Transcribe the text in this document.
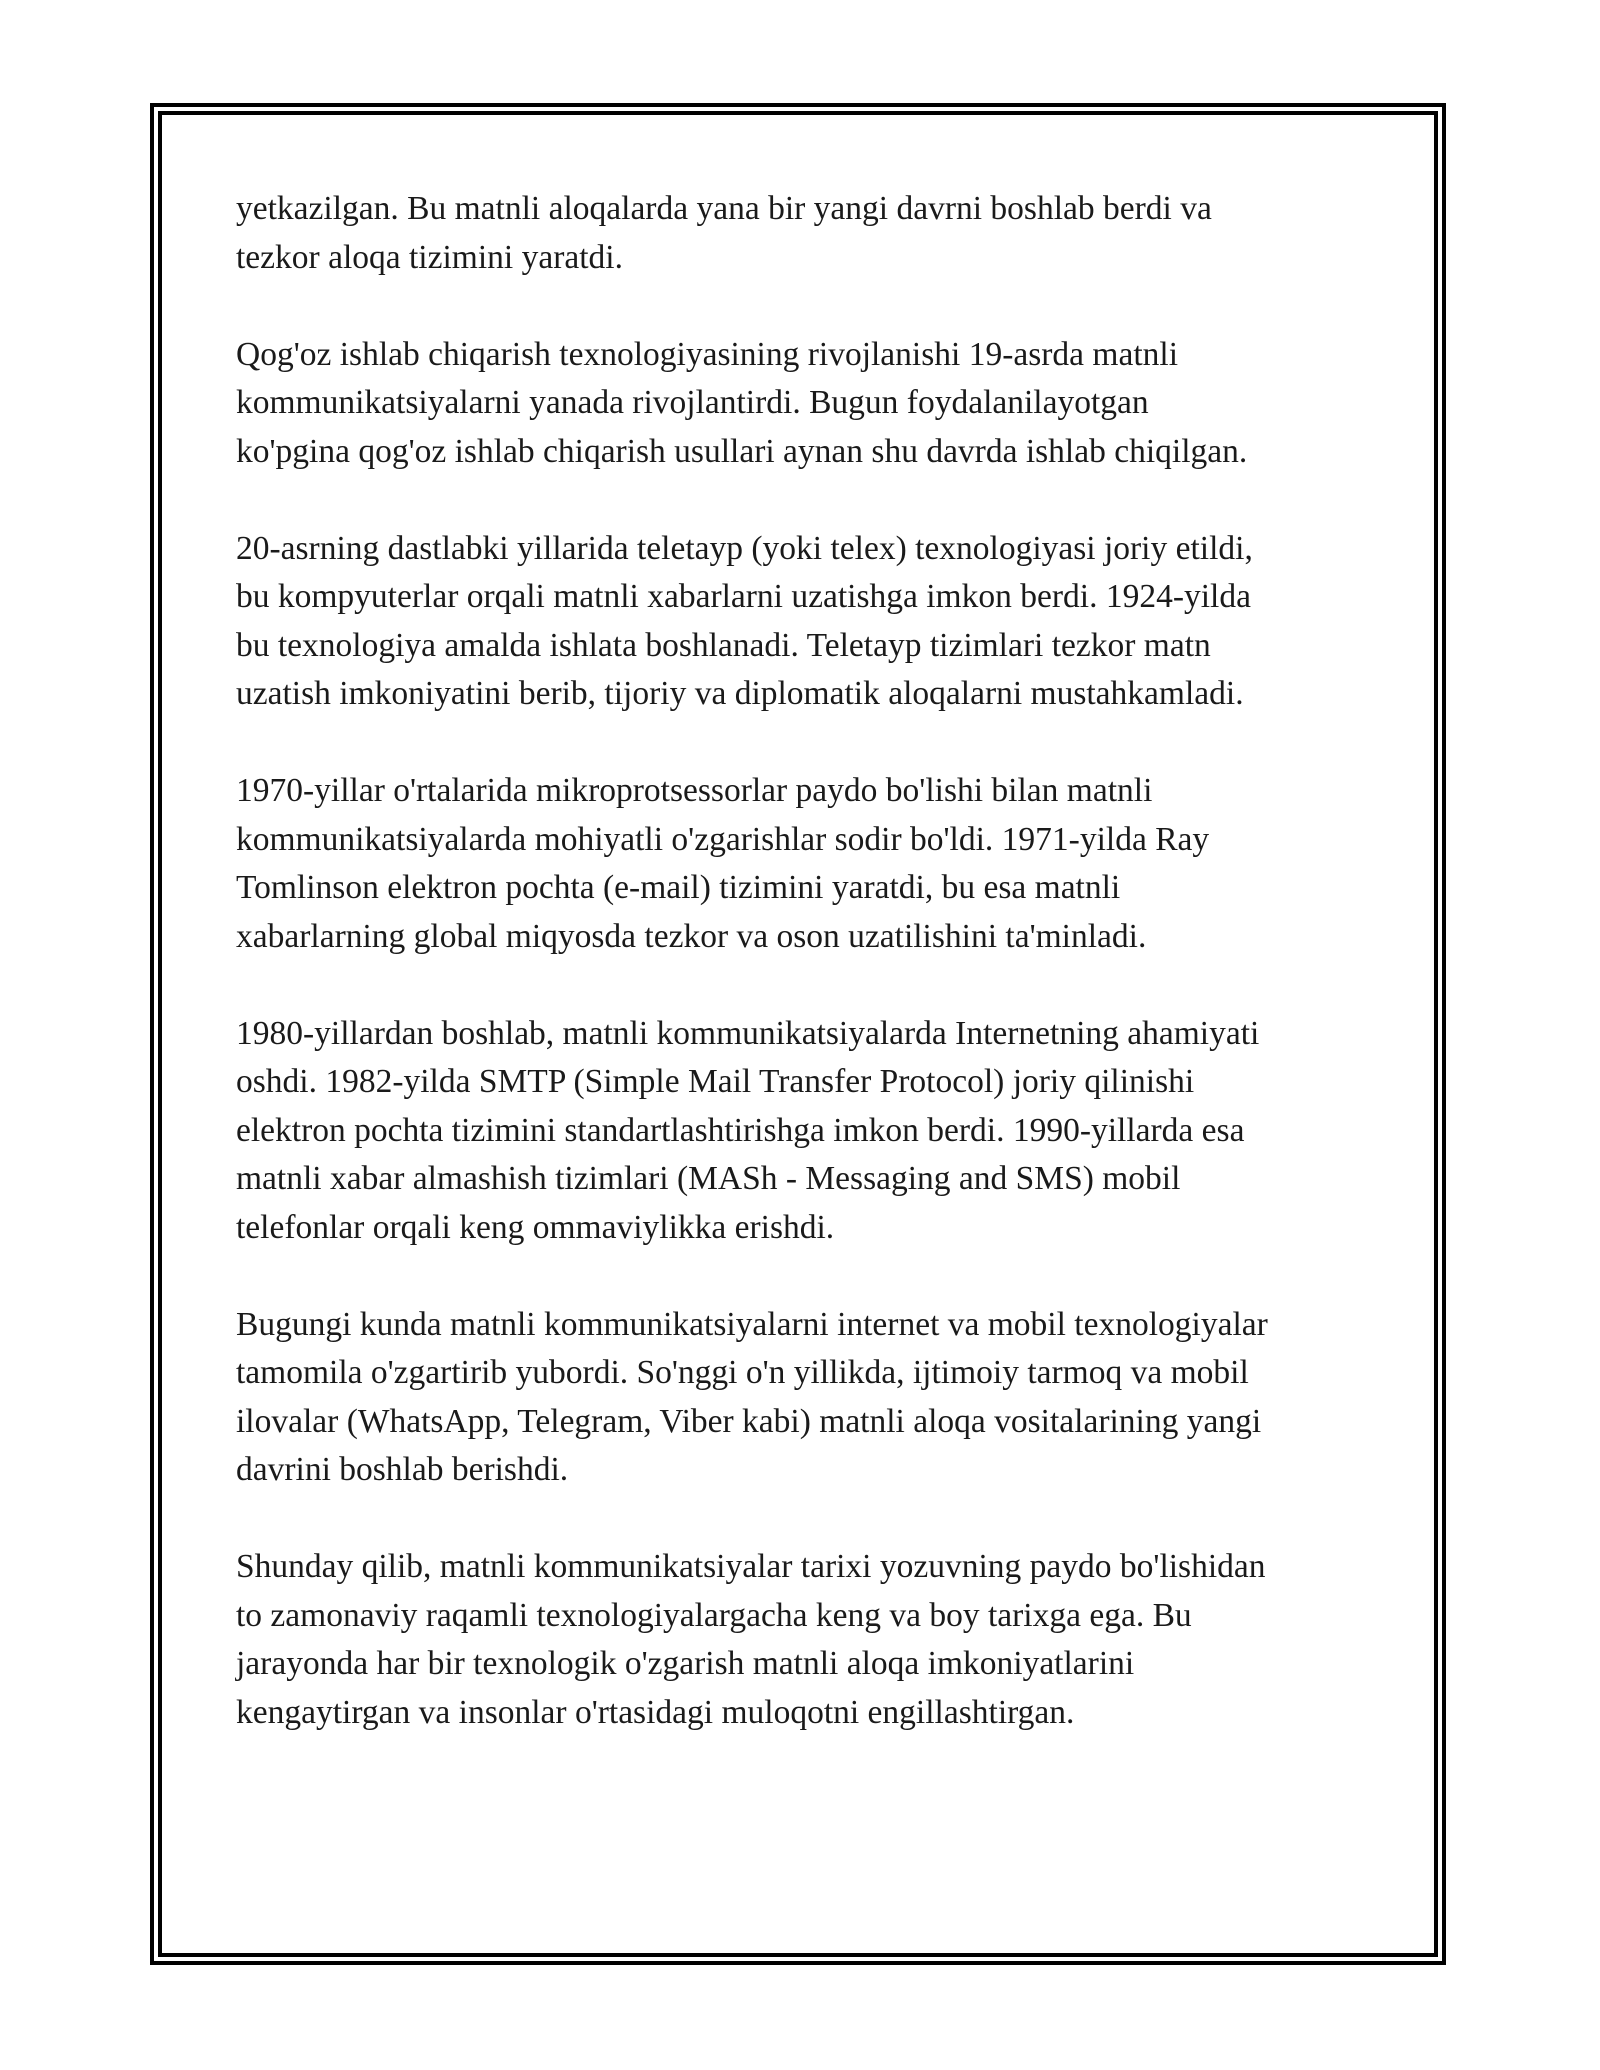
yetkazilgan. Bu matnli aloqalarda yana bir yangi davrni boshlab berdi va
tezkor aloqa tizimini yaratdi.

Qog'oz ishlab chiqarish texnologiyasining rivojlanishi 19-asrda matnli
kommunikatsiyalarni yanada rivojlantirdi. Bugun foydalanilayotgan
ko'pgina qog'oz ishlab chiqarish usullari aynan shu davrda ishlab chiqilgan.

20-asrning dastlabki yillarida teletayp (yoki telex) texnologiyasi joriy etildi,
bu kompyuterlar orqali matnli xabarlarni uzatishga imkon berdi. 1924-yilda
bu texnologiya amalda ishlata boshlanadi. Teletayp tizimlari tezkor matn
uzatish imkoniyatini berib, tijoriy va diplomatik aloqalarni mustahkamladi.

1970-yillar o'rtalarida mikroprotsessorlar paydo bo'lishi bilan matnli
kommunikatsiyalarda mohiyatli o'zgarishlar sodir bo'ldi. 1971-yilda Ray
Tomlinson elektron pochta (e-mail) tizimini yaratdi, bu esa matnli
xabarlarning global miqyosda tezkor va oson uzatilishini ta'minladi.

1980-yillardan boshlab, matnli kommunikatsiyalarda Internetning ahamiyati
oshdi. 1982-yilda SMTP (Simple Mail Transfer Protocol) joriy qilinishi
elektron pochta tizimini standartlashtirishga imkon berdi. 1990-yillarda esa
matnli xabar almashish tizimlari (MASh - Messaging and SMS) mobil
telefonlar orqali keng ommaviylikka erishdi.

Bugungi kunda matnli kommunikatsiyalarni internet va mobil texnologiyalar
tamomila o'zgartirib yubordi. So'nggi o'n yillikda, ijtimoiy tarmoq va mobil
ilovalar (WhatsApp, Telegram, Viber kabi) matnli aloqa vositalarining yangi
davrini boshlab berishdi.

Shunday qilib, matnli kommunikatsiyalar tarixi yozuvning paydo bo'lishidan
to zamonaviy raqamli texnologiyalargacha keng va boy tarixga ega. Bu
jarayonda har bir texnologik o'zgarish matnli aloqa imkoniyatlarini
kengaytirgan va insonlar o'rtasidagi muloqotni engillashtirgan.
